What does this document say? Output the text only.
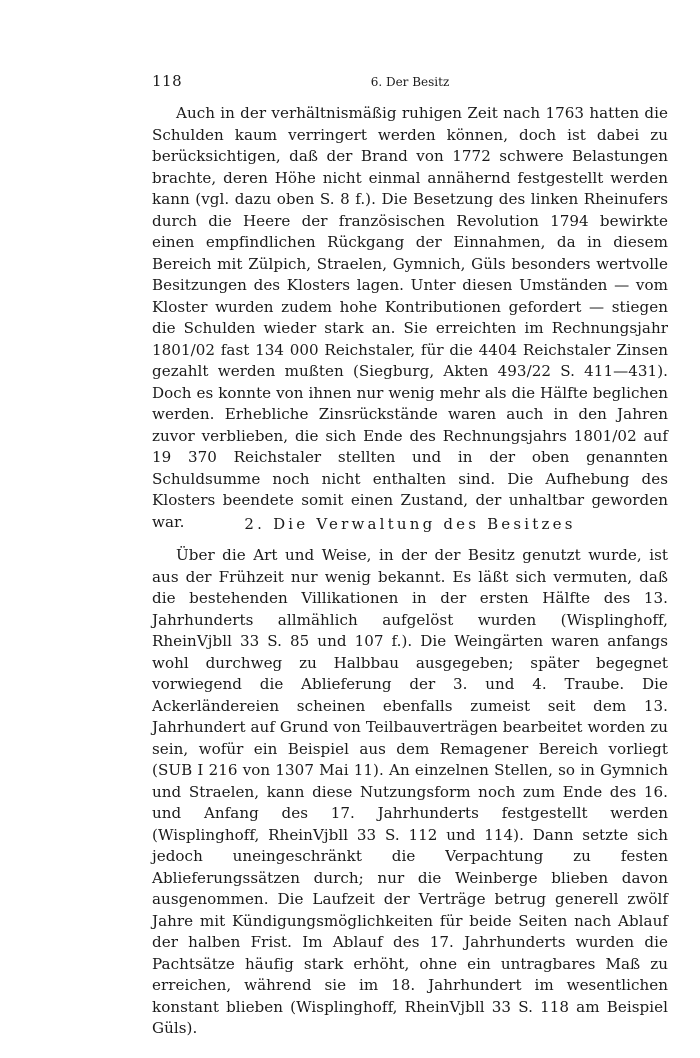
118	6. Der Besitz

Auch in der verhältnismäßig ruhigen Zeit nach 1763 hatten die Schulden kaum verringert werden können, doch ist dabei zu berücksichtigen, daß der Brand von 1772 schwere Belastungen brachte, deren Höhe nicht einmal annähernd festgestellt werden kann (vgl. dazu oben S. 8 f.). Die Besetzung des linken Rheinufers durch die Heere der französischen Revolution 1794 bewirkte einen empfindlichen Rückgang der Einnahmen, da in diesem Bereich mit Zülpich, Straelen, Gymnich, Güls besonders wertvolle Besitzungen des Klosters lagen. Unter diesen Umständen — vom Kloster wurden zudem hohe Kontributionen gefordert — stiegen die Schulden wieder stark an. Sie erreichten im Rechnungsjahr 1801/02 fast 134 000 Reichstaler, für die 4404 Reichstaler Zinsen gezahlt werden mußten (Siegburg, Akten 493/22 S. 411—431). Doch es konnte von ihnen nur wenig mehr als die Hälfte beglichen werden. Erhebliche Zinsrückstände waren auch in den Jahren zuvor verblieben, die sich Ende des Rechnungsjahrs 1801/02 auf 19 370 Reichstaler stellten und in der oben genannten Schuldsumme noch nicht enthalten sind. Die Aufhebung des Klosters beendete somit einen Zustand, der unhaltbar geworden war.	2. Die Verwaltung des Besitzes

Über die Art und Weise, in der der Besitz genutzt wurde, ist aus der Frühzeit nur wenig bekannt. Es läßt sich vermuten, daß die bestehenden Villikationen in der ersten Hälfte des 13. Jahrhunderts allmählich aufgelöst wurden (Wisplinghoff, RheinVjbll 33 S. 85 und 107 f.). Die Weingärten waren anfangs wohl durchweg zu Halbbau ausgegeben; später begegnet vorwiegend die Ablieferung der 3. und 4. Traube. Die Ackerländereien scheinen ebenfalls zumeist seit dem 13. Jahrhundert auf Grund von Teilbauverträgen bearbeitet worden zu sein, wofür ein Beispiel aus dem Remagener Bereich vorliegt (SUB I 216 von 1307 Mai 11). An einzelnen Stellen, so in Gymnich und Straelen, kann diese Nutzungsform noch zum Ende des 16. und Anfang des 17. Jahrhunderts festgestellt werden (Wisplinghoff, RheinVjbll 33 S. 112 und 114). Dann setzte sich jedoch uneingeschränkt die Verpachtung zu festen Ablieferungssätzen durch; nur die Weinberge blieben davon ausgenommen. Die Laufzeit der Verträge betrug generell zwölf Jahre mit Kündigungsmöglichkeiten für beide Seiten nach Ablauf der halben Frist. Im Ablauf des 17. Jahrhunderts wurden die Pachtsätze häufig stark erhöht, ohne ein untragbares Maß zu erreichen, während sie im 18. Jahrhundert im wesentlichen konstant blieben (Wisplinghoff, RheinVjbll 33 S. 118 am Beispiel Güls).
